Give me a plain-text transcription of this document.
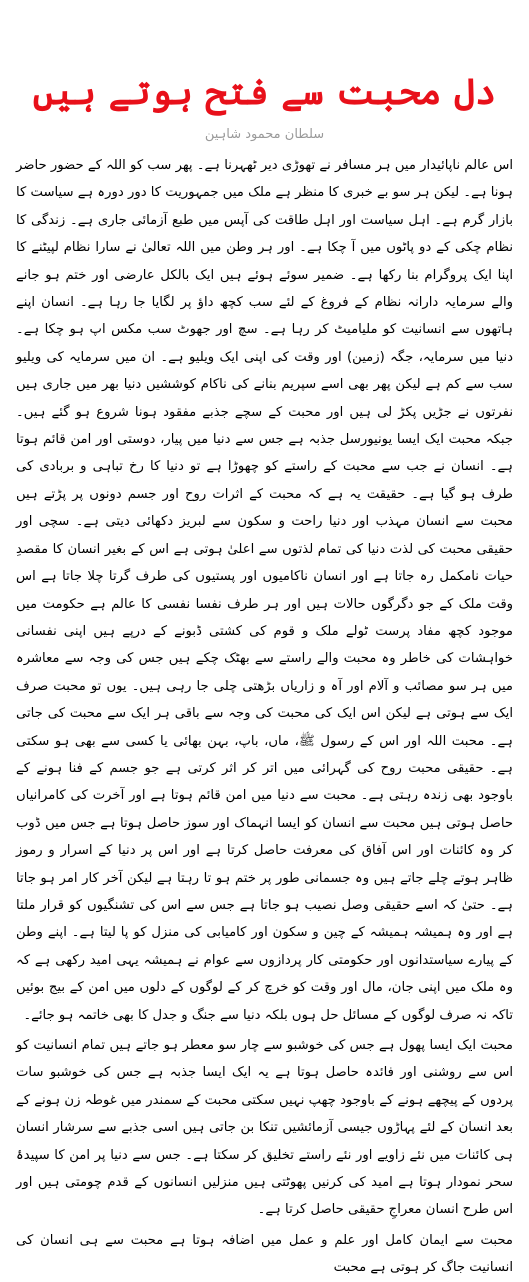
دل محبت سے فتح ہوتے ہیں
سلطان محمود شاہین

اس عالم ناپائیدار میں ہر مسافر نے تھوڑی دیر ٹھہرنا ہے۔ پھر سب کو اللہ کے حضور حاضر ہونا ہے۔ لیکن ہر سو بے خبری کا منظر ہے ملک میں جمہوریت کا دور دورہ ہے سیاست کا بازار گرم ہے۔ اہل سیاست اور اہل طاقت کی آپس میں طبع آزمائی جاری ہے۔ زندگی کا نظام چکی کے دو پاٹوں میں آ چکا ہے۔ اور ہر وطن میں اللہ تعالیٰ نے سارا نظام لپیٹنے کا اپنا ایک پروگرام بنا رکھا ہے۔ ضمیر سوئے ہوئے ہیں ایک بالکل عارضی اور ختم ہو جانے والے سرمایہ دارانہ نظام کے فروغ کے لئے سب کچھ داؤ پر لگایا جا رہا ہے۔ انسان اپنے ہاتھوں سے انسانیت کو ملیامیٹ کر رہا ہے۔ سچ اور جھوٹ سب مکس اپ ہو چکا ہے۔ دنیا میں سرمایہ، جگہ (زمین) اور وقت کی اپنی ایک ویلیو ہے۔ ان میں سرمایہ کی ویلیو سب سے کم ہے لیکن پھر بھی اسے سپریم بنانے کی ناکام کوششیں دنیا بھر میں جاری ہیں نفرتوں نے جڑیں پکڑ لی ہیں اور محبت کے سچے جذبے مفقود ہونا شروع ہو گئے ہیں۔ جبکہ محبت ایک ایسا یونیورسل جذبہ ہے جس سے دنیا میں پیار، دوستی اور امن قائم ہوتا ہے۔ انسان نے جب سے محبت کے راستے کو چھوڑا ہے تو دنیا کا رخ تباہی و بربادی کی طرف ہو گیا ہے۔ حقیقت یہ ہے کہ محبت کے اثرات روح اور جسم دونوں پر پڑتے ہیں محبت سے انسان مہذب اور دنیا راحت و سکون سے لبریز دکھائی دیتی ہے۔ سچی اور حقیقی محبت کی لذت دنیا کی تمام لذتوں سے اعلیٰ ہوتی ہے اس کے بغیر انسان کا مقصدِ حیات نامکمل رہ جاتا ہے اور انسان ناکامیوں اور پستیوں کی طرف گرتا چلا جاتا ہے اس وقت ملک کے جو دگرگوں حالات ہیں اور ہر طرف نفسا نفسی کا عالم ہے حکومت میں موجود کچھ مفاد پرست ٹولے ملک و قوم کی کشتی ڈبونے کے درپے ہیں اپنی نفسانی خواہشات کی خاطر وہ محبت والے راستے سے بھٹک چکے ہیں جس کی وجہ سے معاشرہ میں ہر سو مصائب و آلام اور آہ و زاریاں بڑھتی چلی جا رہی ہیں۔ یوں تو محبت صرف ایک سے ہوتی ہے لیکن اس ایک کی محبت کی وجہ سے باقی ہر ایک سے محبت کی جاتی ہے۔ محبت اللہ اور اس کے رسول ﷺ، ماں، باپ، بہن بھائی یا کسی سے بھی ہو سکتی ہے۔ حقیقی محبت روح کی گہرائی میں اتر کر اثر کرتی ہے جو جسم کے فنا ہونے کے باوجود بھی زندہ رہتی ہے۔ محبت سے دنیا میں امن قائم ہوتا ہے اور آخرت کی کامرانیاں حاصل ہوتی ہیں محبت سے انسان کو ایسا انہماک اور سوز حاصل ہوتا ہے جس میں ڈوب کر وہ کائنات اور اس آفاق کی معرفت حاصل کرتا ہے اور اس پر دنیا کے اسرار و رموز ظاہر ہوتے چلے جاتے ہیں وہ جسمانی طور پر ختم ہو تا رہتا ہے لیکن آخر کار امر ہو جاتا ہے۔ حتیٰ کہ اسے حقیقی وصل نصیب ہو جاتا ہے جس سے اس کی تشنگیوں کو قرار ملتا ہے اور وہ ہمیشہ ہمیشہ کے چین و سکون اور کامیابی کی منزل کو پا لیتا ہے۔ اپنے وطن کے پیارے سیاستدانوں اور حکومتی کار پردازوں سے عوام نے ہمیشہ یہی امید رکھی ہے کہ وہ ملک میں اپنی جان، مال اور وقت کو خرچ کر کے لوگوں کے دلوں میں امن کے بیج بوئیں تاکہ نہ صرف لوگوں کے مسائل حل ہوں بلکہ دنیا سے جنگ و جدل کا بھی خاتمہ ہو جائے۔

محبت ایک ایسا پھول ہے جس کی خوشبو سے چار سو معطر ہو جاتے ہیں تمام انسانیت کو اس سے روشنی اور فائدہ حاصل ہوتا ہے یہ ایک ایسا جذبہ ہے جس کی خوشبو سات پردوں کے پیچھے ہونے کے باوجود چھپ نہیں سکتی محبت کے سمندر میں غوطہ زن ہونے کے بعد انسان کے لئے پہاڑوں جیسی آزمائشیں تنکا بن جاتی ہیں اسی جذبے سے سرشار انسان ہی کائنات میں نئے زاویے اور نئے راستے تخلیق کر سکتا ہے۔ جس سے دنیا پر امن کا سپیدۂ سحر نمودار ہوتا ہے امید کی کرنیں پھوٹتی ہیں منزلیں انسانوں کے قدم چومتی ہیں اور اس طرح انسان معراجِ حقیقی حاصل کرتا ہے۔

محبت سے ایمان کامل اور علم و عمل میں اضافہ ہوتا ہے محبت سے ہی انسان کی انسانیت جاگ کر ہوتی ہے محبت
